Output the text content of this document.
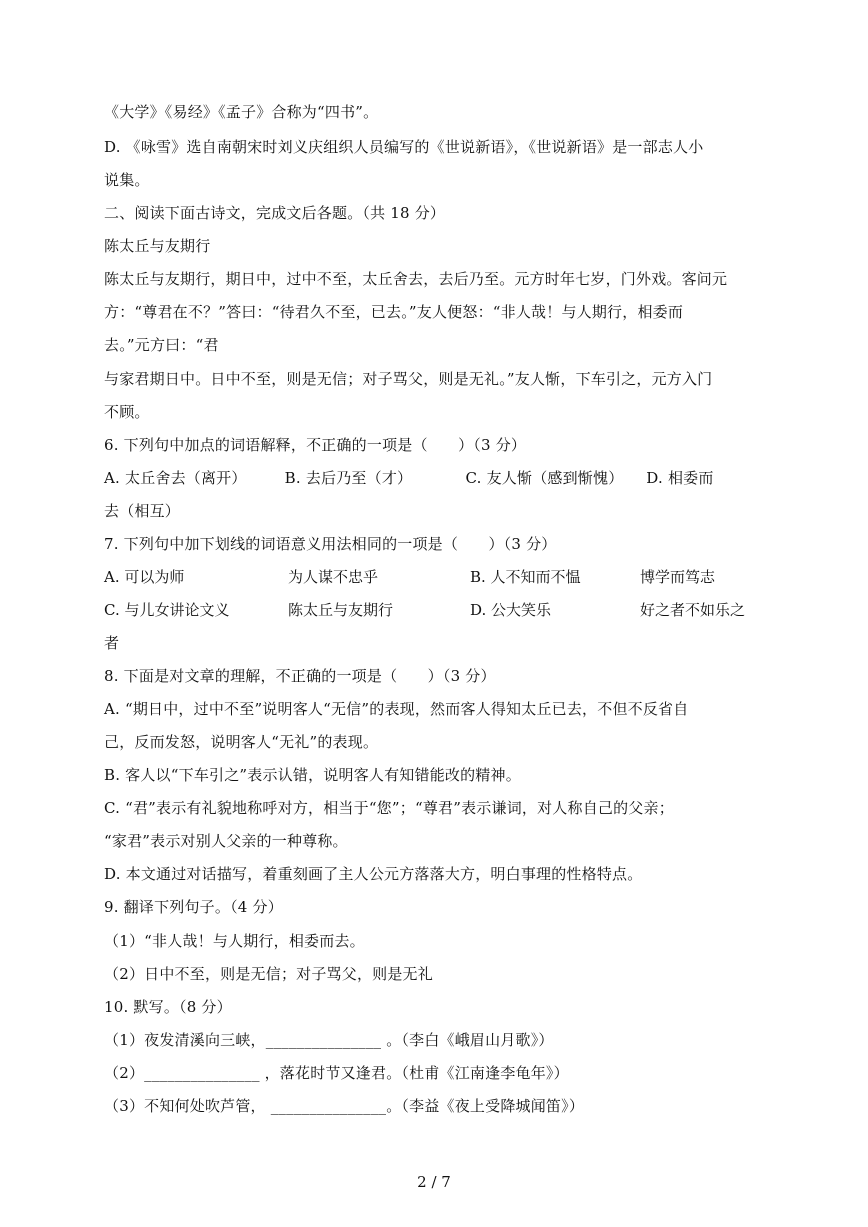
《大学》《易经》《孟子》合称为“四书”。
D. 《咏雪》选自南朝宋时刘义庆组织人员编写的《世说新语》，《世说新语》是一部志人小
说集。
二、阅读下面古诗文，完成文后各题。（共 18 分）
陈太丘与友期行
陈太丘与友期行，期日中，过中不至，太丘舍去，去后乃至。元方时年七岁，门外戏。客问元
方：“尊君在不？”答曰：“待君久不至，已去。”友人便怒：“非人哉！与人期行，相委而
去。”元方曰：“君
与家君期日中。日中不至，则是无信；对子骂父，则是无礼。”友人惭，下车引之，元方入门
不顾。
6. 下列句中加点的词语解释，不正确的一项是（　　）（3 分）
A. 太丘舍去（离开）　　　B. 去后乃至（才）　　　　C. 友人惭（感到惭愧）　　D. 相委而
去（相互）
7. 下列句中加下划线的词语意义用法相同的一项是（　　）（3 分）
A. 可以为师	为人谋不忠乎	B. 人不知而不愠	博学而笃志
C. 与儿女讲论文义	陈太丘与友期行	D. 公大笑乐	好之者不如乐之
者
8. 下面是对文章的理解，不正确的一项是（　　）（3 分）
A. “期日中，过中不至”说明客人“无信”的表现，然而客人得知太丘已去，不但不反省自
己，反而发怒，说明客人“无礼”的表现。
B. 客人以“下车引之”表示认错，说明客人有知错能改的精神。
C. “君”表示有礼貌地称呼对方，相当于“您”；“尊君”表示谦词，对人称自己的父亲；
“家君”表示对别人父亲的一种尊称。
D. 本文通过对话描写，着重刻画了主人公元方落落大方，明白事理的性格特点。
9. 翻译下列句子。（4 分）
（1）“非人哉！与人期行，相委而去。
（2）日中不至，则是无信；对子骂父，则是无礼
10. 默写。（8 分）
（1）夜发清溪向三峡，_______________ 。（李白《峨眉山月歌》）
（2）_______________ ，落花时节又逢君。（杜甫《江南逢李龟年》）
（3）不知何处吹芦管， _______________。（李益《夜上受降城闻笛》）
2 / 7
